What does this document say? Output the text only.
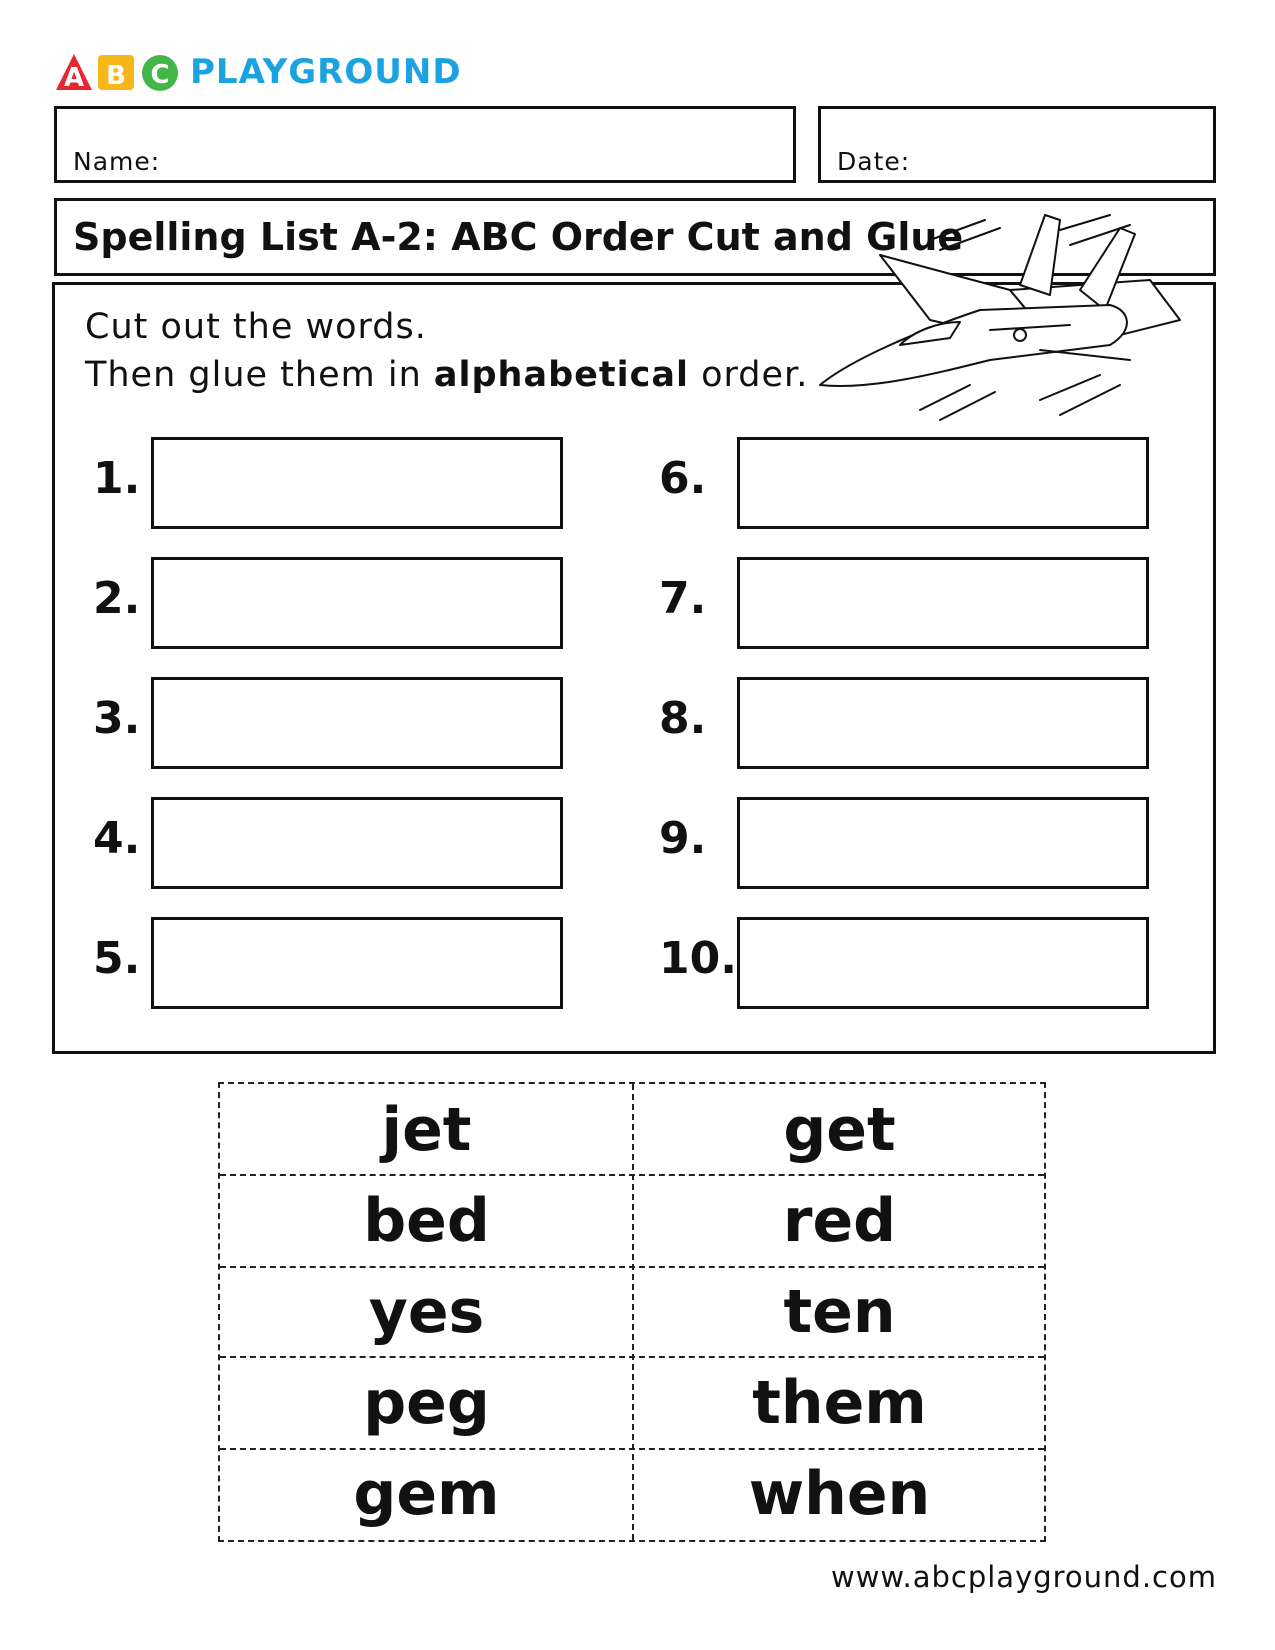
A B C PLAYGROUND
Name:	Date:
Spelling List A-2: ABC Order Cut and Glue
Cut out the words.
Then glue them in alphabetical order.
1.
2.
3.
4.
5.
6.
7.
8.
9.
10.
jet	get
bed	red
yes	ten
peg	them
gem	when
www.abcplayground.com
